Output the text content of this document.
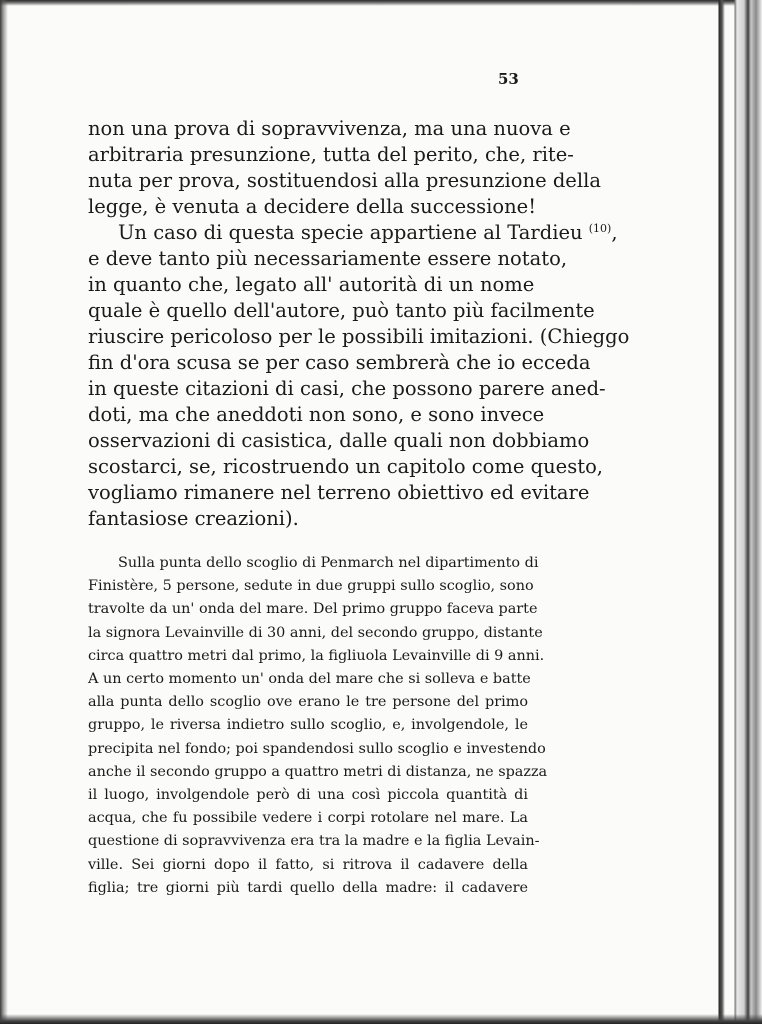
53
non una prova di sopravvivenza, ma una nuova e
arbitraria presunzione, tutta del perito, che, rite-
nuta per prova, sostituendosi alla presunzione della
legge, è venuta a decidere della successione!
Un caso di questa specie appartiene al Tardieu $^{(10)}$,
e deve tanto più necessariamente essere notato,
in quanto che, legato all' autorità di un nome
quale è quello dell'autore, può tanto più facilmente
riuscire pericoloso per le possibili imitazioni. (Chieggo
fin d'ora scusa se per caso sembrerà che io ecceda
in queste citazioni di casi, che possono parere aned-
doti, ma che aneddoti non sono, e sono invece
osservazioni di casistica, dalle quali non dobbiamo
scostarci, se, ricostruendo un capitolo come questo,
vogliamo rimanere nel terreno obiettivo ed evitare
fantasiose creazioni).
Sulla punta dello scoglio di Penmarch nel dipartimento di
Finistère, 5 persone, sedute in due gruppi sullo scoglio, sono
travolte da un' onda del mare. Del primo gruppo faceva parte
la signora Levainville di 30 anni, del secondo gruppo, distante
circa quattro metri dal primo, la figliuola Levainville di 9 anni.
A un certo momento un' onda del mare che si solleva e batte
alla punta dello scoglio ove erano le tre persone del primo
gruppo, le riversa indietro sullo scoglio, e, involgendole, le
precipita nel fondo; poi spandendosi sullo scoglio e investendo
anche il secondo gruppo a quattro metri di distanza, ne spazza
il luogo, involgendole però di una così piccola quantità di
acqua, che fu possibile vedere i corpi rotolare nel mare. La
questione di sopravvivenza era tra la madre e la figlia Levain-
ville. Sei giorni dopo il fatto, si ritrova il cadavere della
figlia; tre giorni più tardi quello della madre: il cadavere
